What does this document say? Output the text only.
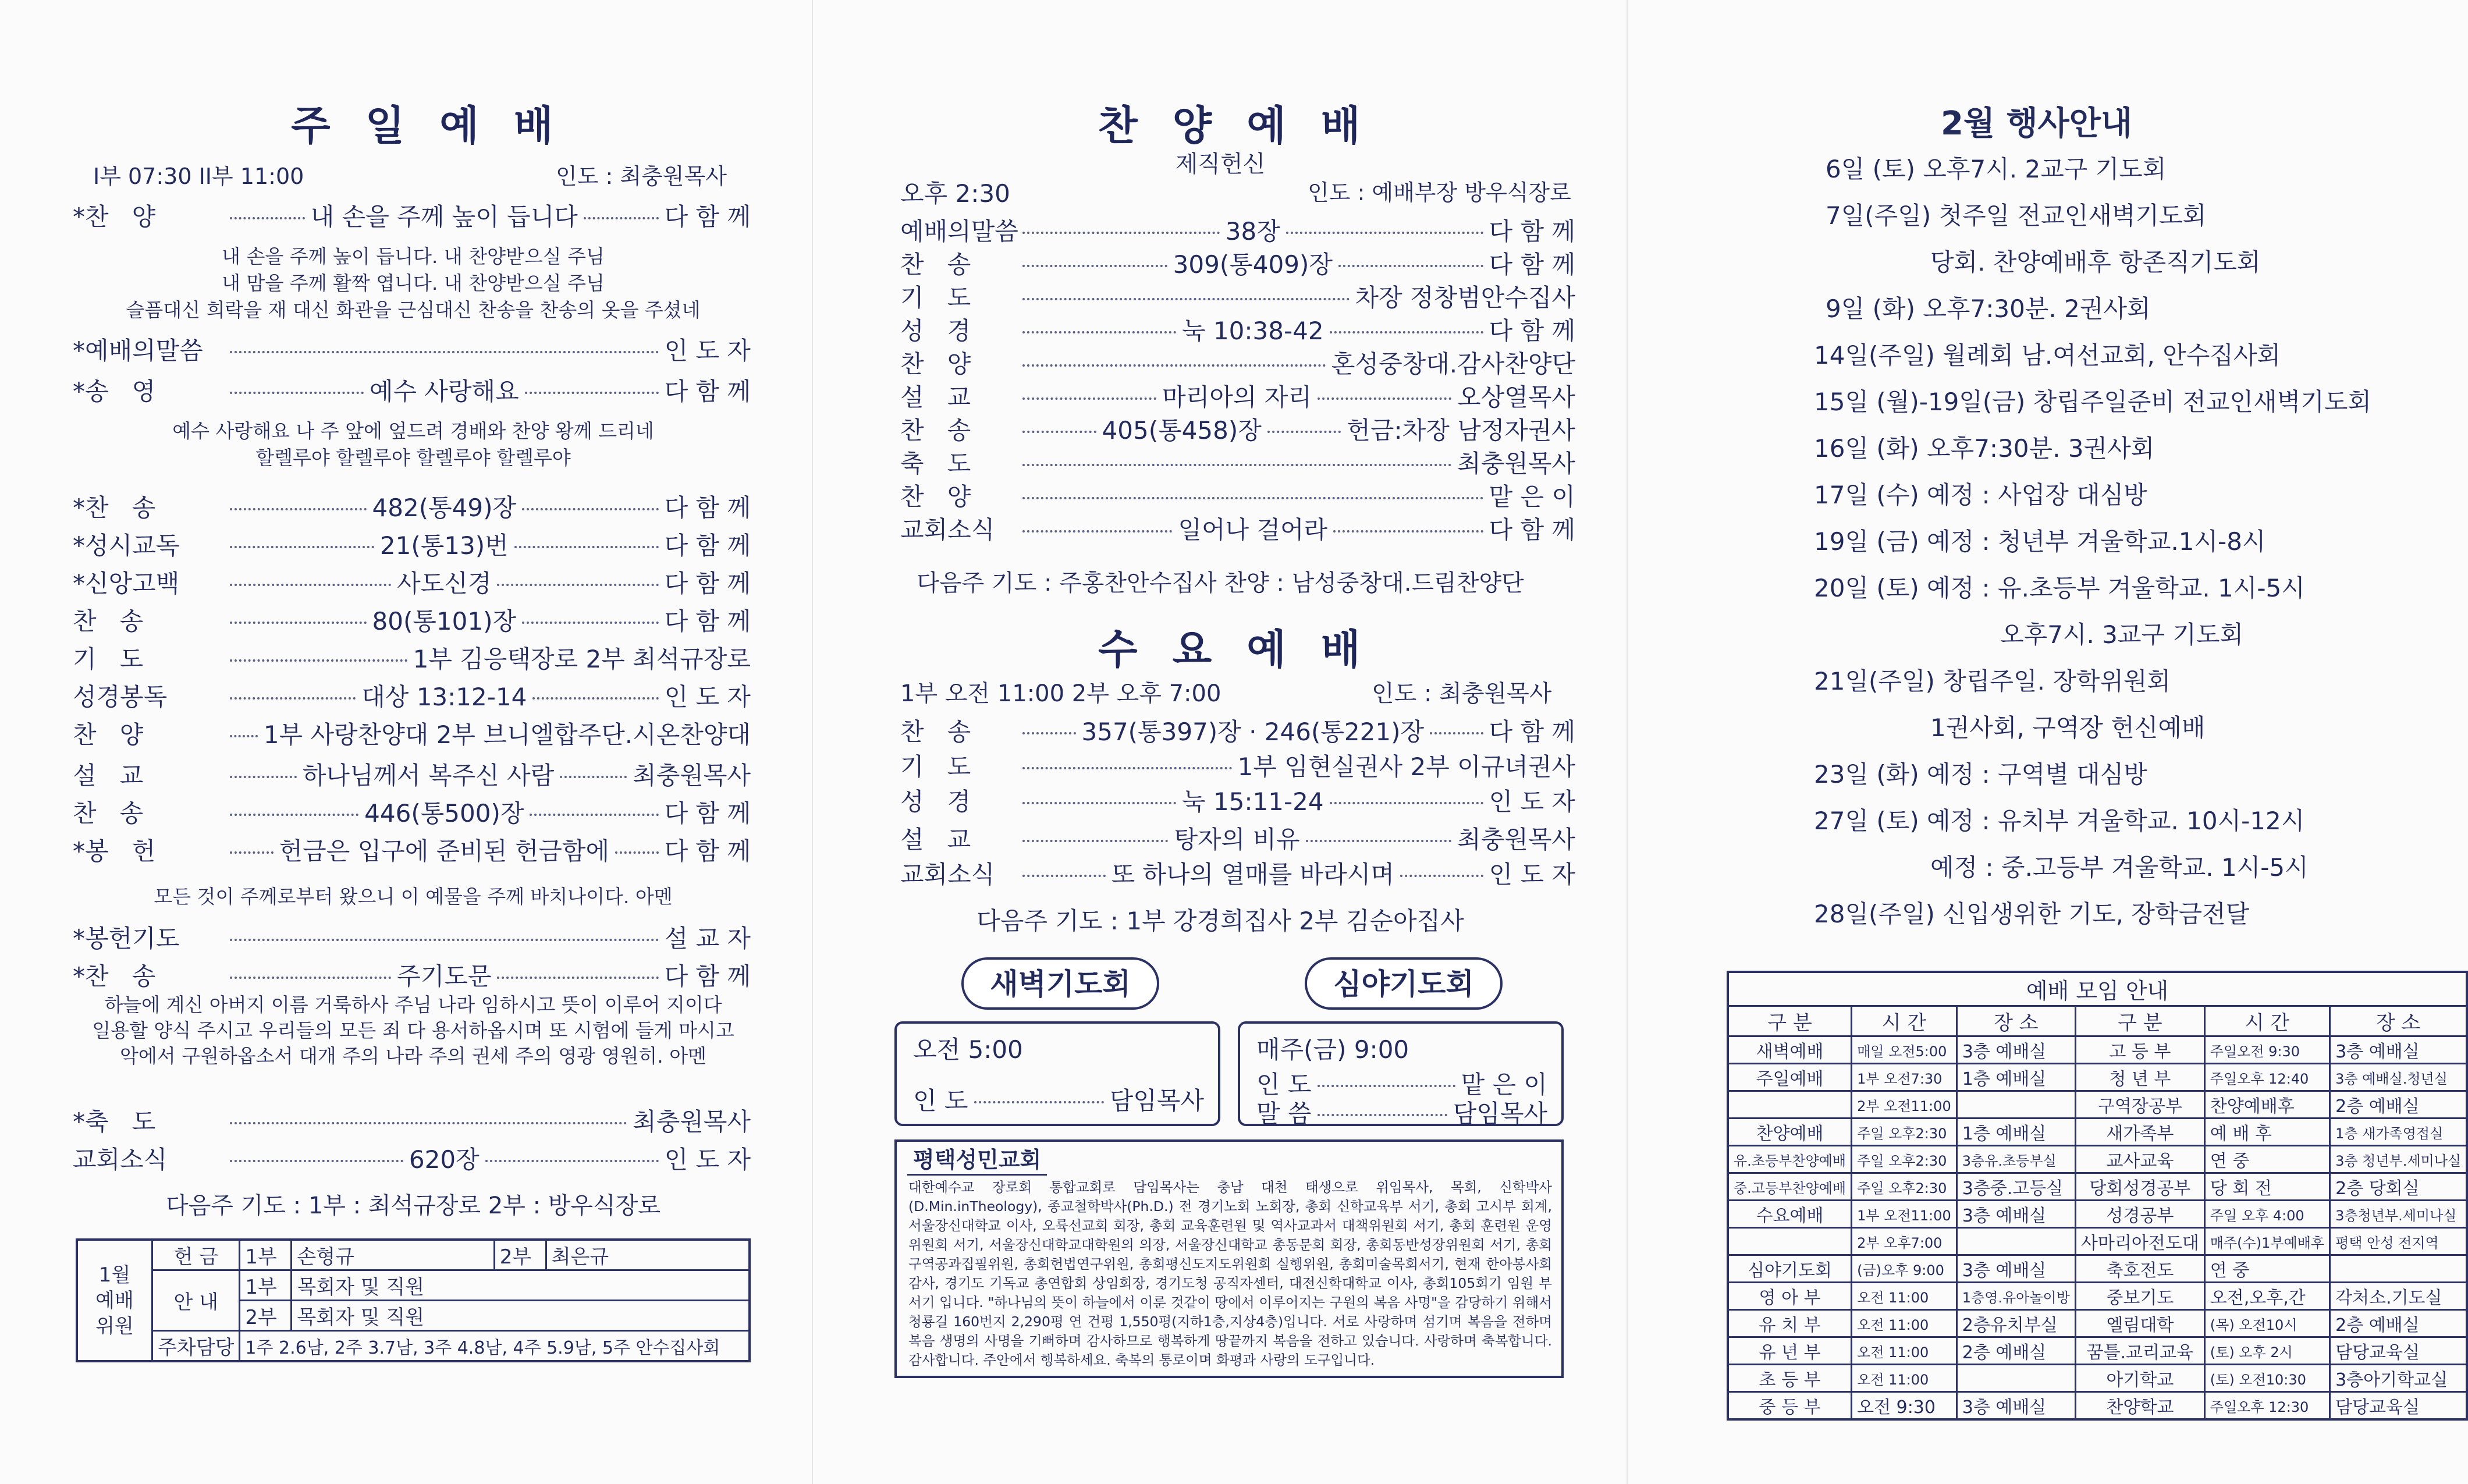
주일예배
I부 07:30 II부 11:00	인도 : 최충원목사
*찬   양	내 손을 주께 높이 듭니다	다 함 께
*예배의말씀	인 도 자
*송   영	예수 사랑해요	다 함 께
*찬   송	482(통49)장	다 함 께
*성시교독	21(통13)번	다 함 께
*신앙고백	사도신경	다 함 께
찬   송	80(통101)장	다 함 께
기   도	1부 김응택장로 2부 최석규장로
성경봉독	대상 13:12-14	인 도 자
찬   양	1부 사랑찬양대 2부 브니엘합주단.시온찬양대
설   교	하나님께서 복주신 사람	최충원목사
찬   송	446(통500)장	다 함 께
*봉   헌	헌금은 입구에 준비된 헌금함에 다 함 께
*봉헌기도	설 교 자
*찬   송	주기도문	다 함 께
*축   도	최충원목사
교회소식	620장	인 도 자
내 손을 주께 높이 듭니다. 내 찬양받으실 주님
내 맘을 주께 활짝 엽니다. 내 찬양받으실 주님
슬픔대신 희락을 재 대신 화관을 근심대신 찬송을 찬송의 옷을 주셨네
예수 사랑해요 나 주 앞에 엎드려 경배와 찬양 왕께 드리네
할렐루야 할렐루야 할렐루야 할렐루야
모든 것이 주께로부터 왔으니 이 예물을 주께 바치나이다. 아멘
하늘에 계신 아버지 이름 거룩하사 주님 나라 임하시고 뜻이 이루어 지이다
일용할 양식 주시고 우리들의 모든 죄 다 용서하옵시며 또 시험에 들게 마시고
악에서 구원하옵소서 대개 주의 나라 주의 권세 주의 영광 영원히. 아멘
다음주 기도 : 1부 : 최석규장로 2부 : 방우식장로
1월
예배
위원	헌 금	1부	손형규	2부	최은규
	안 내	1부	목회자 및 직원		
		2부	목회자 및 직원		
	주차담당	1주 2.6남, 2주 3.7남, 3주 4.8남, 4주 5.9남, 5주 안수집사회			
찬양예배
제직헌신
오후 2:30	인도 : 예배부장 방우식장로
예배의말씀	38장	다 함 께
찬   송	309(통409)장	다 함 께
기   도	차장 정창범안수집사
성   경	눅 10:38-42	다 함 께
찬   양	혼성중창대.감사찬양단
설   교	마리아의 자리	오상열목사
찬   송	405(통458)장	헌금:차장 남정자권사
축   도	최충원목사
찬   양	맡 은 이
교회소식	일어나 걸어라	다 함 께
다음주 기도 : 주홍찬안수집사 찬양 : 남성중창대.드림찬양단
수요예배
1부 오전 11:00 2부 오후 7:00	인도 : 최충원목사
찬   송	357(통397)장 · 246(통221)장	다 함 께
기   도	1부 임현실권사 2부 이규녀권사
성   경	눅 15:11-24	인 도 자
설   교	탕자의 비유	최충원목사
교회소식	또 하나의 열매를 바라시며	인 도 자
다음주 기도 : 1부 강경희집사 2부 김순아집사
새벽기도회	심야기도회
오전 5:00
인 도	담임목사
매주(금) 9:00
인 도	맡 은 이
말 씀	담임목사
평택성민교회
대한예수교 장로회 통합교회로 담임목사는 충남 대천 태생으로 위임목사, 목회, 신학박사 (D.Min.inTheology), 종교철학박사(Ph.D.) 전 경기노회 노회장, 총회 신학교육부 서기, 총회 고시부 회계, 서울장신대학교 이사, 오륙선교회 회장, 총회 교육훈련원 및 역사교과서 대책위원회 서기, 총회 훈련원 운영위원회 서기, 서울장신대학교대학원의 의장, 서울장신대학교 총동문회 회장, 총회동반성장위원회 서기, 총회구역공과집필위원, 총회헌법연구위원, 총회평신도지도위원회 실행위원, 총회미술목회서기, 현재 한아봉사회 감사, 경기도 기독교 총연합회 상임회장, 경기도청 공직자센터, 대전신학대학교 이사, 총회105회기 임원 부서기 입니다. "하나님의 뜻이 하늘에서 이룬 것같이 땅에서 이루어지는 구원의 복음 사명"을 감당하기 위해서 청룡길 160번지 2,290평 연 건평 1,550평(지하1층,지상4층)입니다. 서로 사랑하며 섬기며 복음을 전하며 복음 생명의 사명을 기뻐하며 감사하므로 행복하게 땅끝까지 복음을 전하고 있습니다. 사랑하며 축복합니다. 감사합니다. 주안에서 행복하세요. 축복의 통로이며 화평과 사랑의 도구입니다.
2월 행사안내
6일 (토) 오후7시. 2교구 기도회
7일(주일) 첫주일 전교인새벽기도회
당회. 찬양예배후 항존직기도회
9일 (화) 오후7:30분. 2권사회
14일(주일) 월례회 남.여선교회, 안수집사회
15일 (월)-19일(금) 창립주일준비 전교인새벽기도회
16일 (화) 오후7:30분. 3권사회
17일 (수) 예정 : 사업장 대심방
19일 (금) 예정 : 청년부 겨울학교.1시-8시
20일 (토) 예정 : 유.초등부 겨울학교. 1시-5시
오후7시. 3교구 기도회
21일(주일) 창립주일. 장학위원회
1권사회, 구역장 헌신예배
23일 (화) 예정 : 구역별 대심방
27일 (토) 예정 : 유치부 겨울학교. 10시-12시
예정 : 중.고등부 겨울학교. 1시-5시
28일(주일) 신입생위한 기도, 장학금전달
예배 모임 안내					
구 분	시 간	장 소	구 분	시 간	장 소
새벽예배	매일 오전5:00	3층 예배실	고 등 부	주일오전 9:30	3층 예배실
주일예배	1부 오전7:30	1층 예배실	청 년 부	주일오후 12:40	3층 예배실.청년실
	2부 오전11:00		구역장공부	찬양예배후	2층 예배실
찬양예배	주일 오후2:30	1층 예배실	새가족부	예 배 후	1층 새가족영접실
유.초등부찬양예배	주일 오후2:30	3층유.초등부실	교사교육	연 중	3층 청년부.세미나실
중.고등부찬양예배	주일 오후2:30	3층중.고등실	당회성경공부	당 회 전	2층 당회실
수요예배	1부 오전11:00	3층 예배실	성경공부	주일 오후 4:00	3층청년부.세미나실
	2부 오후7:00		사마리아전도대	매주(수)1부예배후	평택 안성 전지역
심야기도회	(금)오후 9:00	3층 예배실	축호전도	연 중	
영 아 부	오전 11:00	1층영.유아놀이방	중보기도	오전,오후,간	각처소.기도실
유 치 부	오전 11:00	2층유치부실	엘림대학	(목) 오전10시	2층 예배실
유 년 부	오전 11:00	2층 예배실	꿈틀.교리교육	(토) 오후 2시	담당교육실
초 등 부	오전 11:00		아기학교	(토) 오전10:30	3층아기학교실
중 등 부	오전 9:30	3층 예배실	찬양학교	주일오후 12:30	담당교육실
